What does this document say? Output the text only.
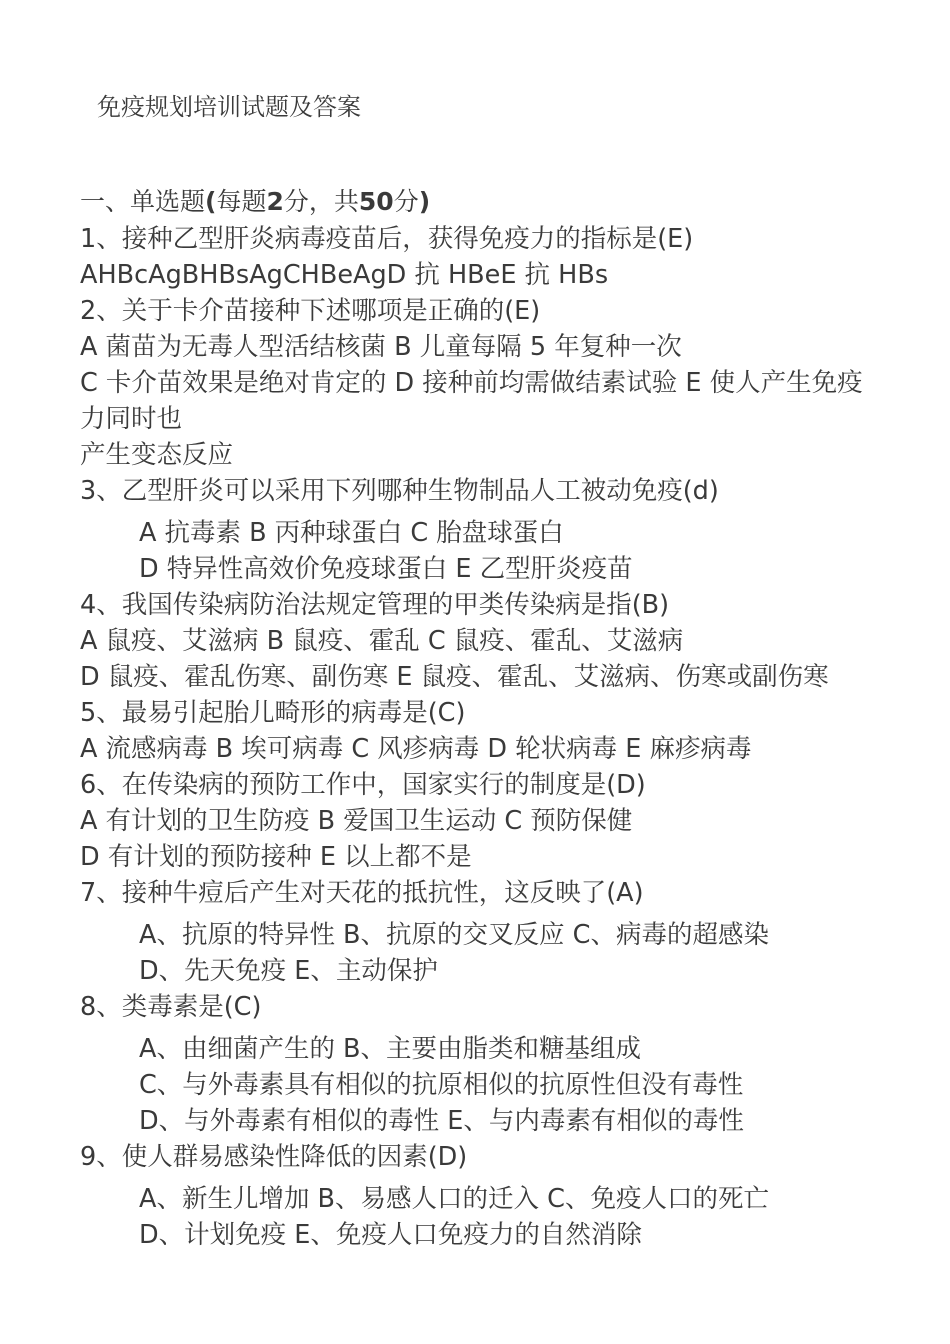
免疫规划培训试题及答案
一、单选题(每题2分，共50分)
1、接种乙型肝炎病毒疫苗后，获得免疫力的指标是(E)
AHBcAgBHBsAgCHBeAgD 抗 HBeE 抗 HBs
2、关于卡介苗接种下述哪项是正确的(E)
A 菌苗为无毒人型活结核菌 B 儿童每隔 5 年复种一次
C 卡介苗效果是绝对肯定的 D 接种前均需做结素试验 E 使人产生免疫力同时也
产生变态反应
3、乙型肝炎可以采用下列哪种生物制品人工被动免疫(d)
A 抗毒素 B 丙种球蛋白 C 胎盘球蛋白
D 特异性高效价免疫球蛋白 E 乙型肝炎疫苗
4、我国传染病防治法规定管理的甲类传染病是指(B)
A 鼠疫、艾滋病 B 鼠疫、霍乱 C 鼠疫、霍乱、艾滋病
D 鼠疫、霍乱伤寒、副伤寒 E 鼠疫、霍乱、艾滋病、伤寒或副伤寒
5、最易引起胎儿畸形的病毒是(C)
A 流感病毒 B 埃可病毒 C 风疹病毒 D 轮状病毒 E 麻疹病毒
6、在传染病的预防工作中，国家实行的制度是(D)
A 有计划的卫生防疫 B 爱国卫生运动 C 预防保健
D 有计划的预防接种 E 以上都不是
7、接种牛痘后产生对天花的抵抗性，这反映了(A)
A、抗原的特异性 B、抗原的交叉反应 C、病毒的超感染
D、先天免疫 E、主动保护
8、类毒素是(C)
A、由细菌产生的 B、主要由脂类和糖基组成
C、与外毒素具有相似的抗原相似的抗原性但没有毒性
D、与外毒素有相似的毒性 E、与内毒素有相似的毒性
9、使人群易感染性降低的因素(D)
A、新生儿增加 B、易感人口的迁入 C、免疫人口的死亡
D、计划免疫 E、免疫人口免疫力的自然消除
